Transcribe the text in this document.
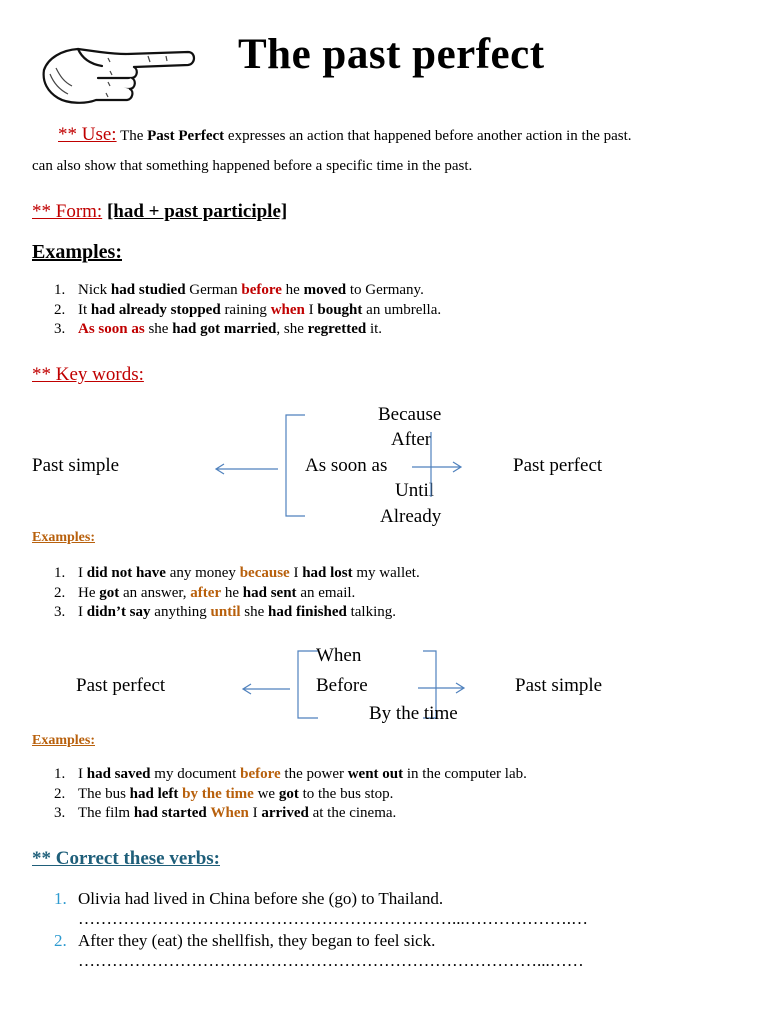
The past perfect
** Use: The Past Perfect expresses an action that happened before another action in the past.
can also show that something happened before a specific time in the past.
** Form: [had + past participle]
Examples:
1. Nick had studied German before he moved to Germany.
2. It had already stopped raining when I bought an umbrella.
3. As soon as she had got married, she regretted it.
** Key words:
Past simple	Past perfect
Because
After
As soon as
Until
Already
Examples:
1. I did not have any money because I had lost my wallet.
2. He got an answer, after he had sent an email.
3. I didn’t say anything until she had finished talking.
Past perfect	Past simple
When
Before
By the time
Examples:
1. I had saved my document before the power went out in the computer lab.
2. The bus had left by the time we got to the bus stop.
3. The film had started When I arrived at the cinema.
** Correct these verbs:
1. Olivia had lived in China before she (go) to Thailand.
…………………………………………………………...……………….…
2. After they (eat) the shellfish, they began to feel sick.
………………………………………………………………………...……
